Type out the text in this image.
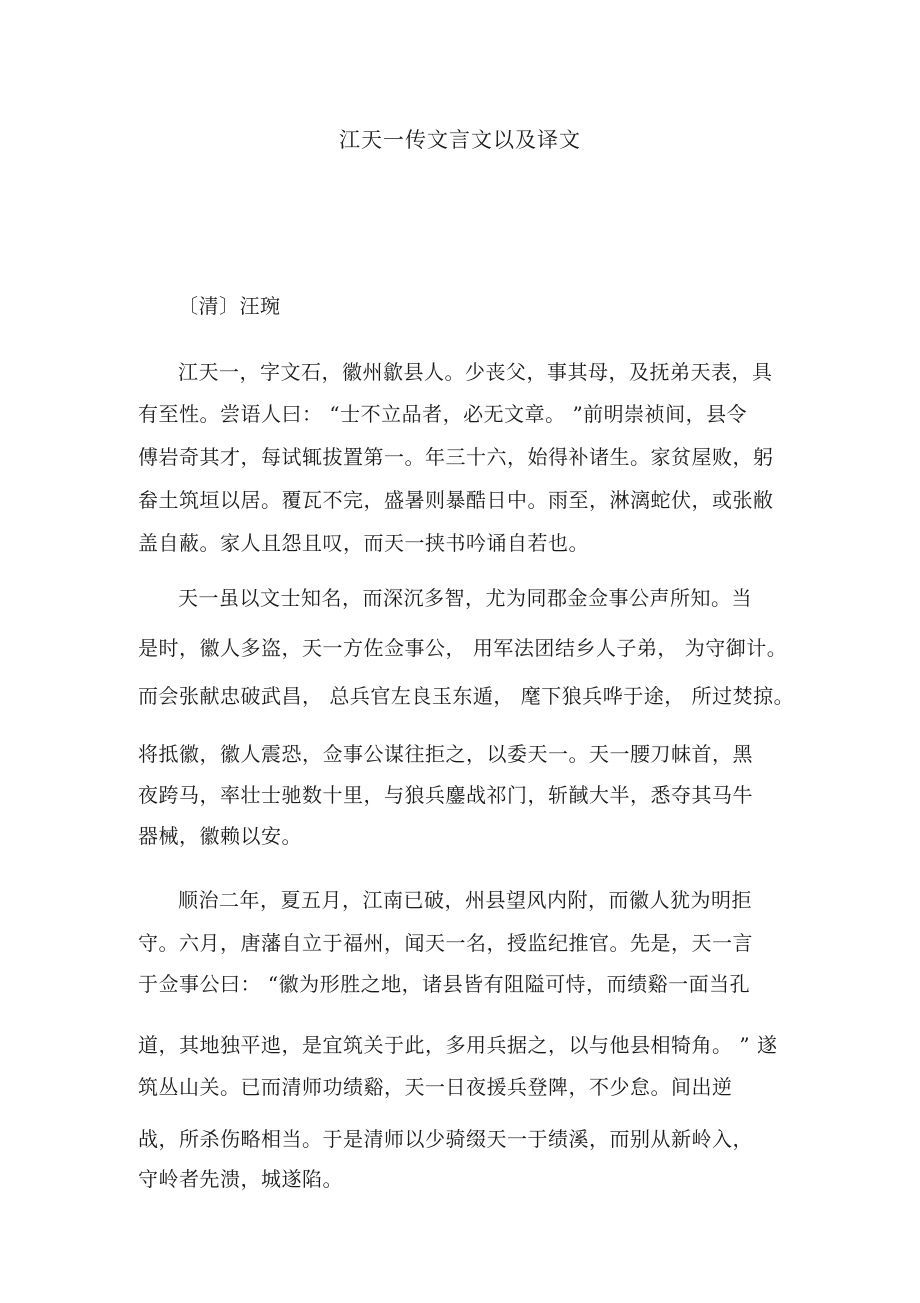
江天一传文言文以及译文
〔清〕汪琬
江天一，字文石，徽州歙县人。少丧父，事其母，及抚弟天表，具
有至性。尝语人曰： “士不立品者，必无文章。 ”前明崇祯间，县令
傅岩奇其才，每试辄拔置第一。年三十六，始得补诸生。家贫屋败，躬
畚土筑垣以居。覆瓦不完，盛暑则暴酷日中。雨至，淋漓蛇伏，或张敝
盖自蔽。家人且怨且叹，而天一挟书吟诵自若也。
天一虽以文士知名，而深沉多智，尤为同郡金佥事公声所知。当
是时，徽人多盗，天一方佐佥事公， 用军法团结乡人子弟， 为守御计。
而会张献忠破武昌， 总兵官左良玉东遁， 麾下狼兵哗于途， 所过焚掠。
将抵徽，徽人震恐，佥事公谋往拒之，以委天一。天一腰刀帓首，黑
夜跨马，率壮士驰数十里，与狼兵鏖战祁门，斩馘大半，悉夺其马牛
器械，徽赖以安。
顺治二年，夏五月，江南已破，州县望风内附，而徽人犹为明拒
守。六月，唐藩自立于福州，闻天一名，授监纪推官。先是，天一言
于佥事公曰： “徽为形胜之地，诸县皆有阻隘可恃，而绩谿一面当孔
道，其地独平迆，是宜筑关于此，多用兵据之，以与他县相犄角。 ” 遂
筑丛山关。已而清师功绩谿，天一日夜援兵登陴，不少怠。间出逆
战，所杀伤略相当。于是清师以少骑缀天一于绩溪，而别从新岭入，
守岭者先溃，城遂陷。
